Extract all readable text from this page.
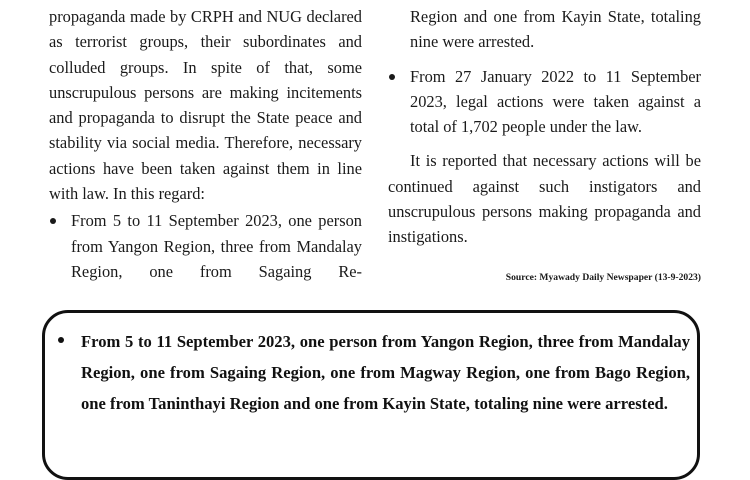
propaganda made by CRPH and NUG declared as terrorist groups, their subordinates and colluded groups. In spite of that, some unscrupulous persons are making incitements and propaganda to disrupt the State peace and stability via social media. Therefore, necessary actions have been taken against them in line with law. In this regard:

From 5 to 11 September 2023, one person from Yangon Region, three from Mandalay Region, one from Sagaing Re-
Region and one from Kayin State, totaling nine were arrested.
From 27 January 2022 to 11 September 2023, legal actions were taken against a total of 1,702 people under the law.

It is reported that necessary actions will be continued against such instigators and unscrupulous persons making propaganda and instigations.

Source: Myawady Daily Newspaper (13-9-2023)

From 5 to 11 September 2023, one person from Yangon Region, three from Mandalay Region, one from Sagaing Region, one from Magway Region, one from Bago Region, one from Taninthayi Region and one from Kayin State, totaling nine were arrested.
